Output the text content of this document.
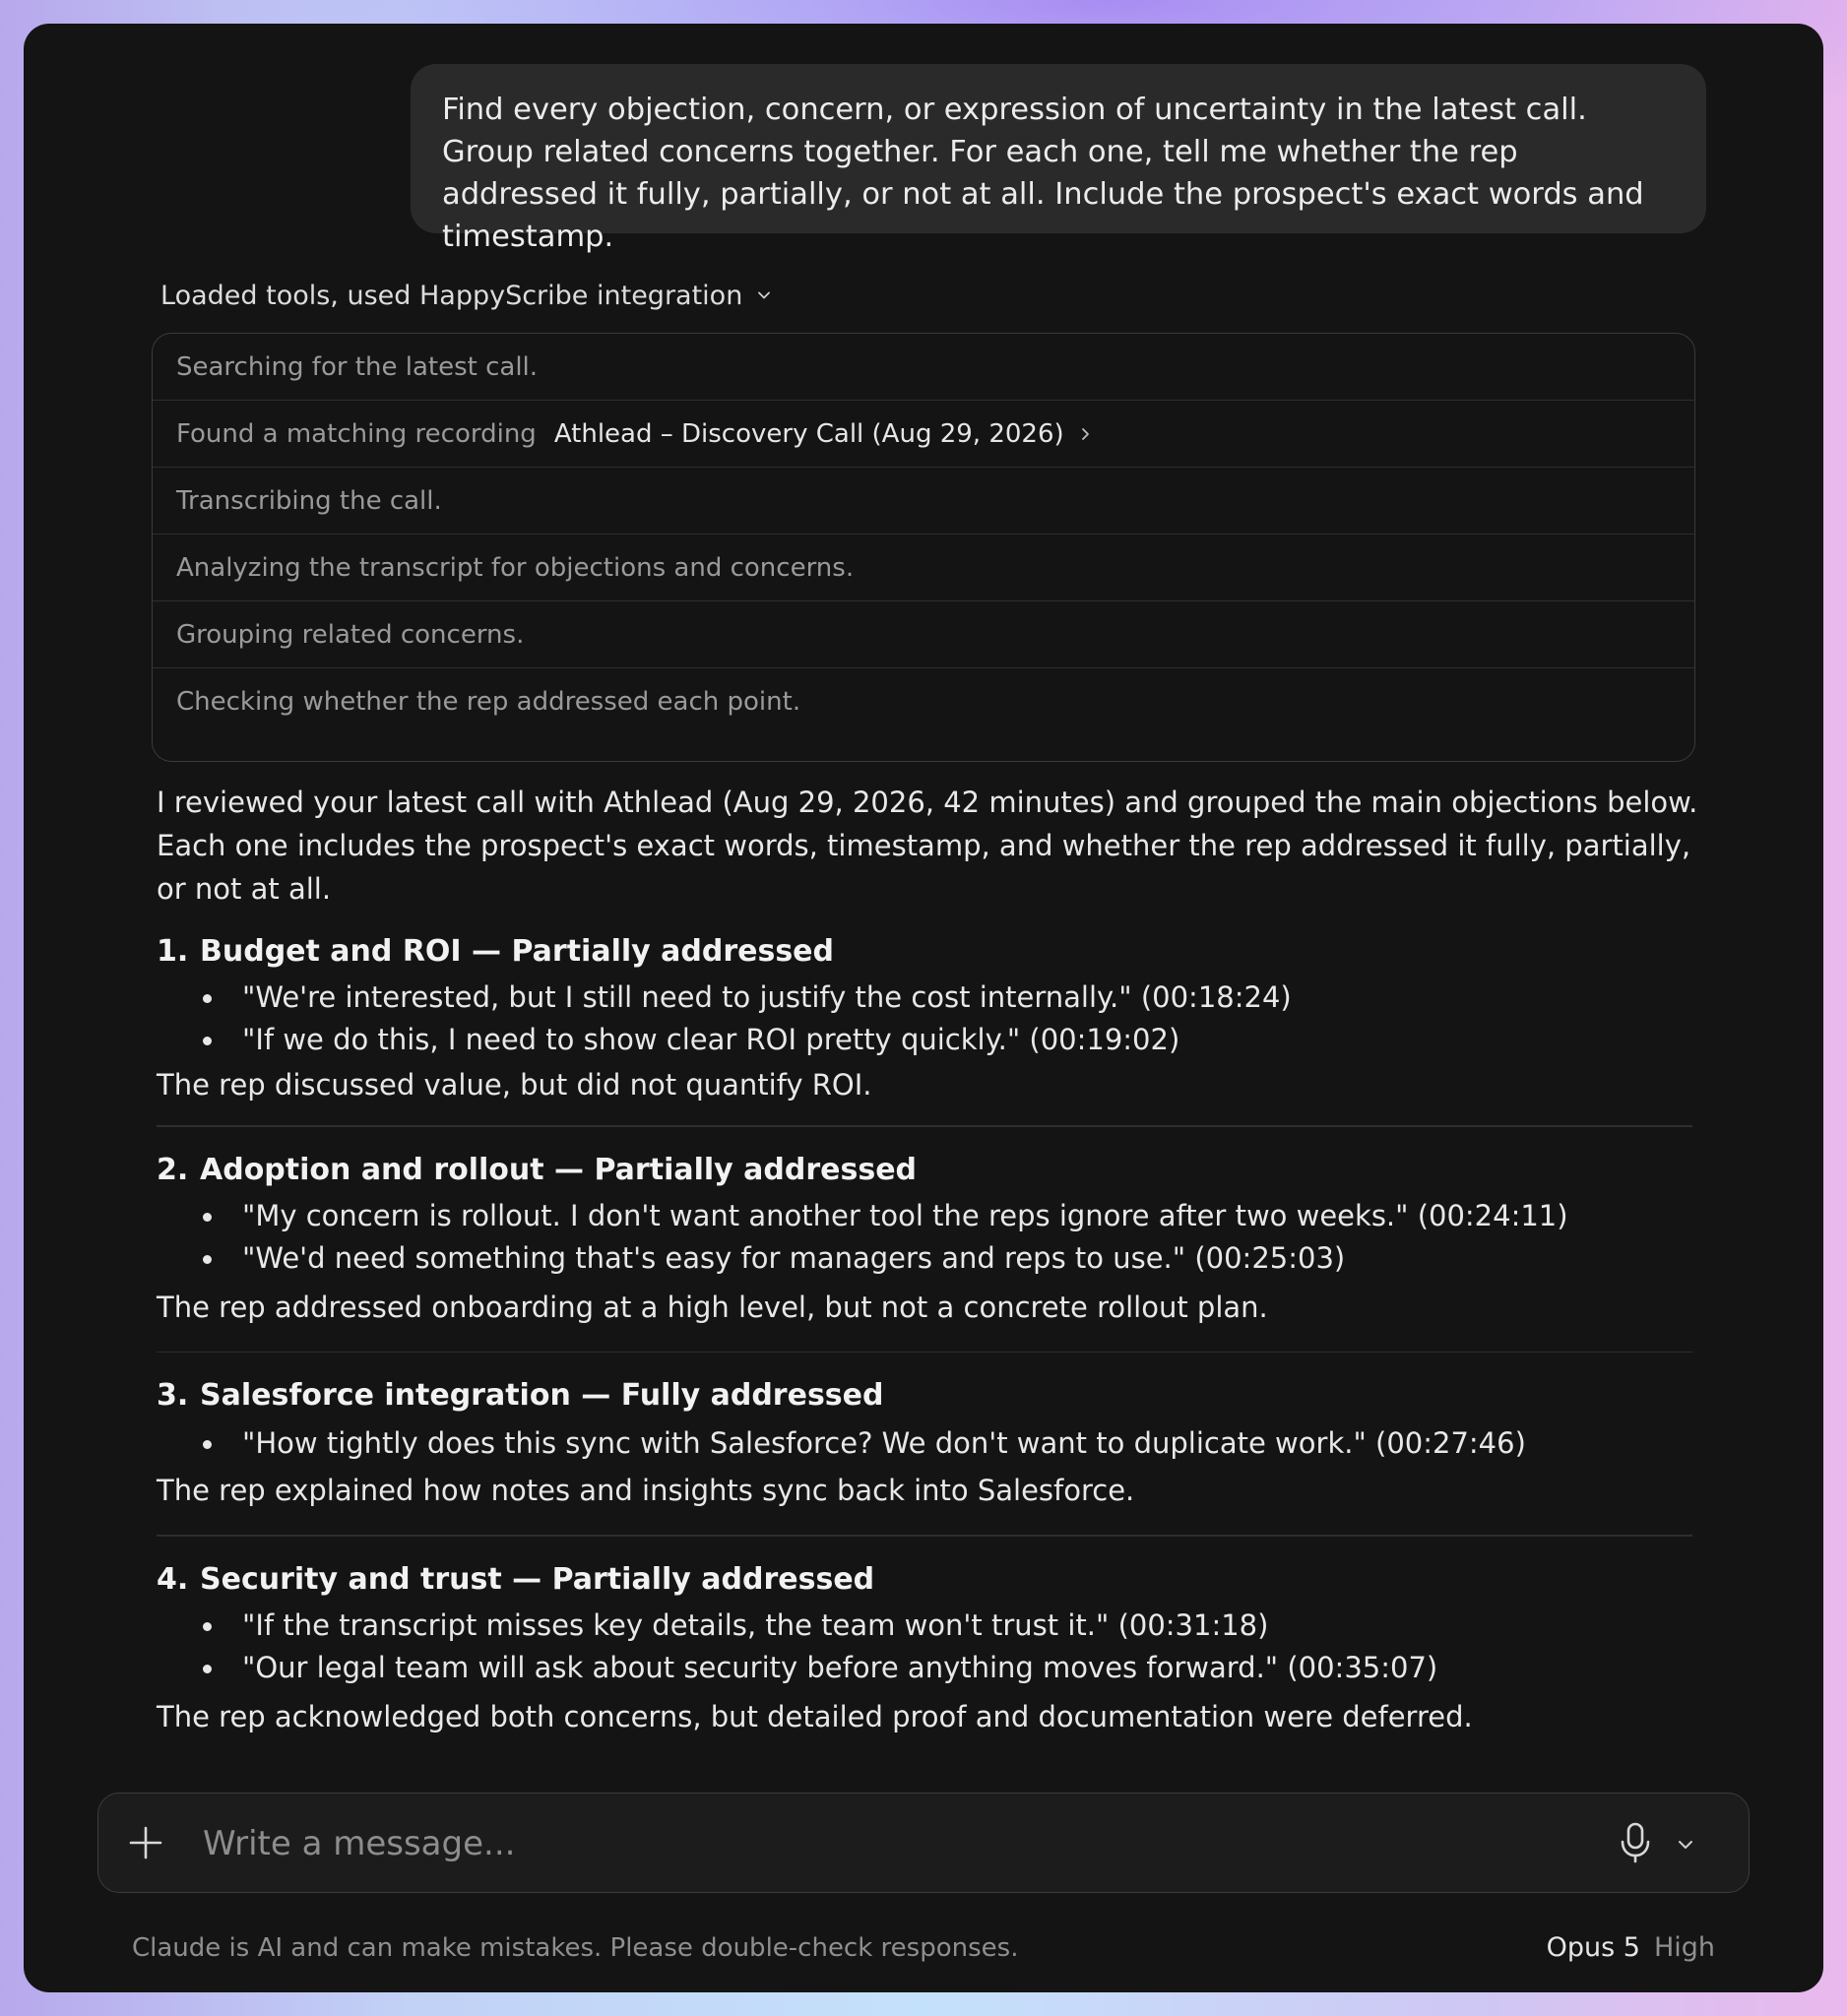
Find every objection, concern, or expression of uncertainty in the latest call. Group related concerns together. For each one, tell me whether the rep addressed it fully, partially, or not at all. Include the prospect's exact words and timestamp.
Loaded tools, used HappyScribe integration
Searching for the latest call.
Found a matching recording Athlead – Discovery Call (Aug 29, 2026)
Transcribing the call.
Analyzing the transcript for objections and concerns.
Grouping related concerns.
Checking whether the rep addressed each point.

I reviewed your latest call with Athlead (Aug 29, 2026, 42 minutes) and grouped the main objections below. Each one includes the prospect's exact words, timestamp, and whether the rep addressed it fully, partially, or not at all.

1. Budget and ROI — Partially addressed
"We're interested, but I still need to justify the cost internally." (00:18:24)
"If we do this, I need to show clear ROI pretty quickly." (00:19:02)
The rep discussed value, but did not quantify ROI.
2. Adoption and rollout — Partially addressed
"My concern is rollout. I don't want another tool the reps ignore after two weeks." (00:24:11)
"We'd need something that's easy for managers and reps to use." (00:25:03)
The rep addressed onboarding at a high level, but not a concrete rollout plan.
3. Salesforce integration — Fully addressed
"How tightly does this sync with Salesforce? We don't want to duplicate work." (00:27:46)
The rep explained how notes and insights sync back into Salesforce.
4. Security and trust — Partially addressed
"If the transcript misses key details, the team won't trust it." (00:31:18)
"Our legal team will ask about security before anything moves forward." (00:35:07)
The rep acknowledged both concerns, but detailed proof and documentation were deferred.
Write a message...
Claude is AI and can make mistakes. Please double-check responses.	Opus 5 High
